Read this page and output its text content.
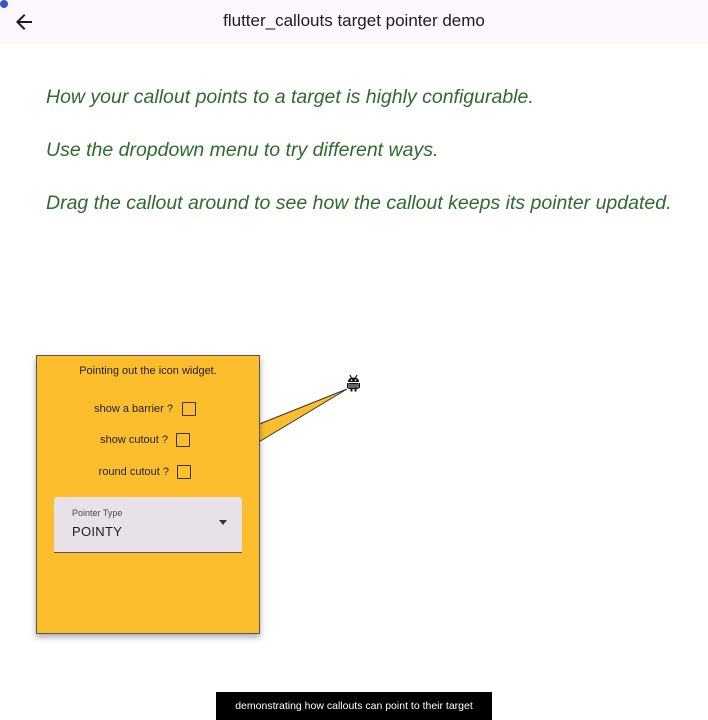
flutter_callouts target pointer demo
How your callout points to a target is highly configurable.
Use the dropdown menu to try different ways.
Drag the callout around to see how the callout keeps its pointer updated.
Pointing out the icon widget.
show a barrier ?
show cutout ?
round cutout ?
Pointer Type
POINTY
demonstrating how callouts can point to their target
